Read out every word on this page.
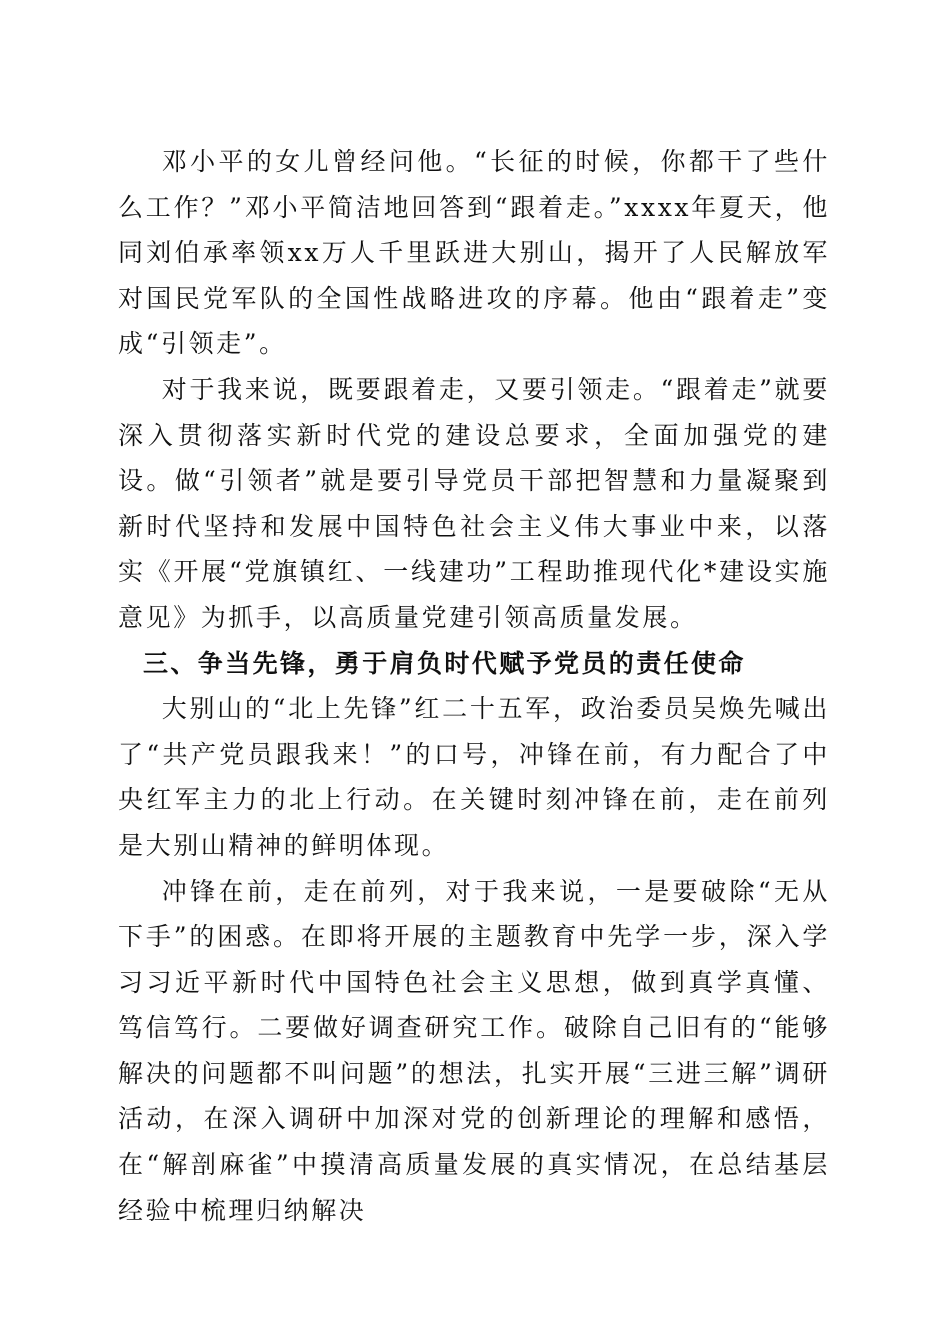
邓小平的女儿曾经问他。“长征的时候，你都干了些什么工作？”邓小平简洁地回答到“跟着走。”xxxx年夏天，他同刘伯承率领xx万人千里跃进大别山，揭开了人民解放军对国民党军队的全国性战略进攻的序幕。他由“跟着走”变成“引领走”。

对于我来说，既要跟着走，又要引领走。“跟着走”就要深入贯彻落实新时代党的建设总要求，全面加强党的建设。做“引领者”就是要引导党员干部把智慧和力量凝聚到新时代坚持和发展中国特色社会主义伟大事业中来，以落实《开展“党旗镇红、一线建功”工程助推现代化*建设实施意见》为抓手，以高质量党建引领高质量发展。

三、争当先锋，勇于肩负时代赋予党员的责任使命

大别山的“北上先锋”红二十五军，政治委员吴焕先喊出了“共产党员跟我来！”的口号，冲锋在前，有力配合了中央红军主力的北上行动。在关键时刻冲锋在前，走在前列是大别山精神的鲜明体现。

冲锋在前，走在前列，对于我来说，一是要破除“无从下手”的困惑。在即将开展的主题教育中先学一步，深入学习习近平新时代中国特色社会主义思想，做到真学真懂、笃信笃行。二要做好调查研究工作。破除自己旧有的“能够解决的问题都不叫问题”的想法，扎实开展“三进三解”调研活动，在深入调研中加深对党的创新理论的理解和感悟，在“解剖麻雀”中摸清高质量发展的真实情况，在总结基层经验中梳理归纳解决
